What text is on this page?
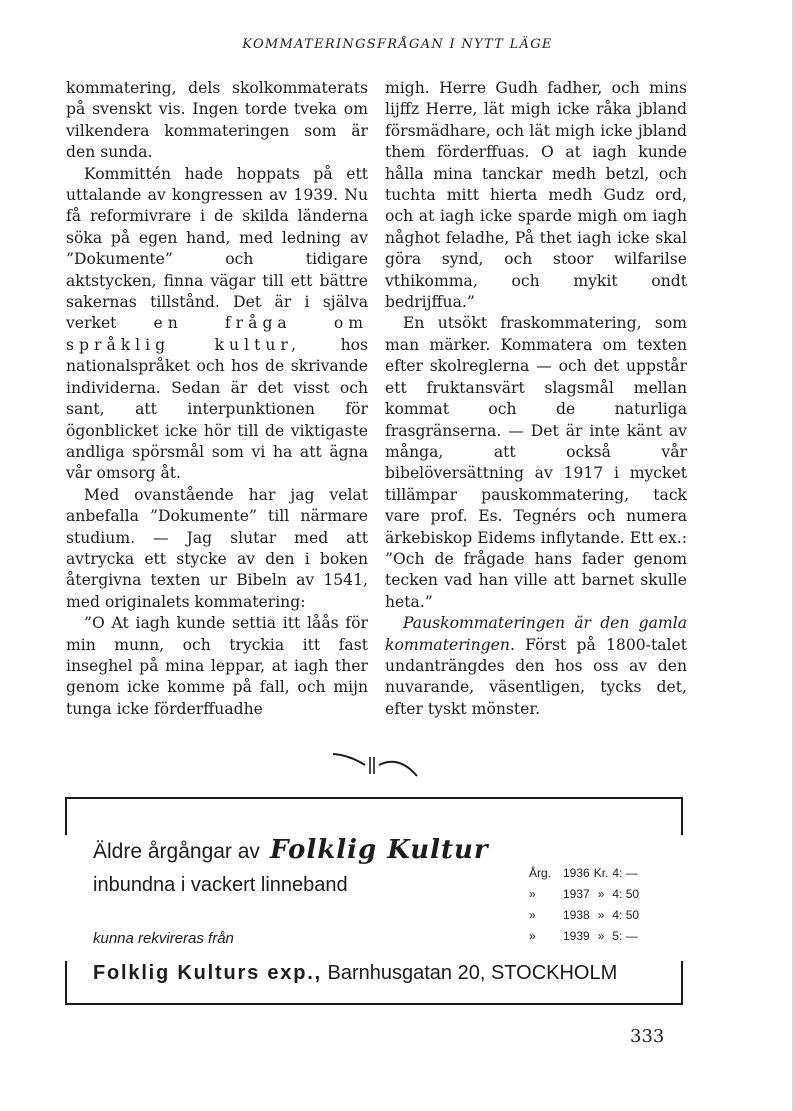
KOMMATERINGSFRÅGAN I NYTT LÄGE

kommatering, dels skolkommaterats på svenskt vis. Ingen torde tveka om vilkendera kommateringen som är den sunda.

Kommittén hade hoppats på ett uttalande av kongressen av 1939. Nu få reformivrare i de skilda länderna söka på egen hand, med ledning av ”Dokumente” och tidigare aktstycken, finna vägar till ett bättre sakernas tillstånd. Det är i själva verket en fråga om språklig kultur,	hos nationalspråket och hos de skrivande individerna. Sedan är det visst och sant, att interpunktionen för ögonblicket icke hör till de viktigaste andliga spörsmål som vi ha att ägna vår omsorg åt.

Med ovanstående har jag velat anbefalla ”Dokumente” till närmare studium. — Jag slutar med att avtrycka ett stycke av den i boken återgivna texten ur Bibeln av 1541, med originalets kommatering:

”O At iagh kunde settia itt låås för min munn, och tryckia itt fast inseghel på mina leppar, at iagh ther genom icke komme på fall, och mijn tunga icke förderffuadhe

migh. Herre Gudh fadher, och mins lijffz Herre, lät migh icke råka jbland försmädhare, och lät migh icke jbland them förderffuas. O at iagh kunde hålla mina tanckar medh betzl, och tuchta mitt hierta medh Gudz ord, och at iagh icke sparde migh om iagh någhot feladhe, På thet iagh icke skal göra synd, och stoor wilfarilse vthikomma, och mykit ondt bedrijffua.”

En utsökt fraskommatering, som man märker. Kommatera om texten efter skolreglerna — och det uppstår ett fruktansvärt slagsmål mellan kommat och de naturliga frasgränserna. — Det är inte känt av många, att också vår bibelöversättning av 1917 i mycket tillämpar pauskommatering, tack vare prof. Es. Tegnérs och numera ärkebiskop Eidems inflytande. Ett ex.: ”Och de frågade hans fader genom tecken vad han ville att barnet skulle heta.”

Pauskommateringen är den gamla kommateringen. Först på 1800-talet undanträngdes den hos oss av den nuvarande, väsentligen, tycks det, efter tyskt mönster.

Äldre årgångar av Folklig Kultur
inbundna i vackert linneband
kunna rekvireras från
Folklig Kulturs exp., Barnhusgatan 20, STOCKHOLM
Årg.	1936	Kr.	4: —
»	1937	»	4: 50
»	1938	»	4: 50
»	1939	»	5: —
333
